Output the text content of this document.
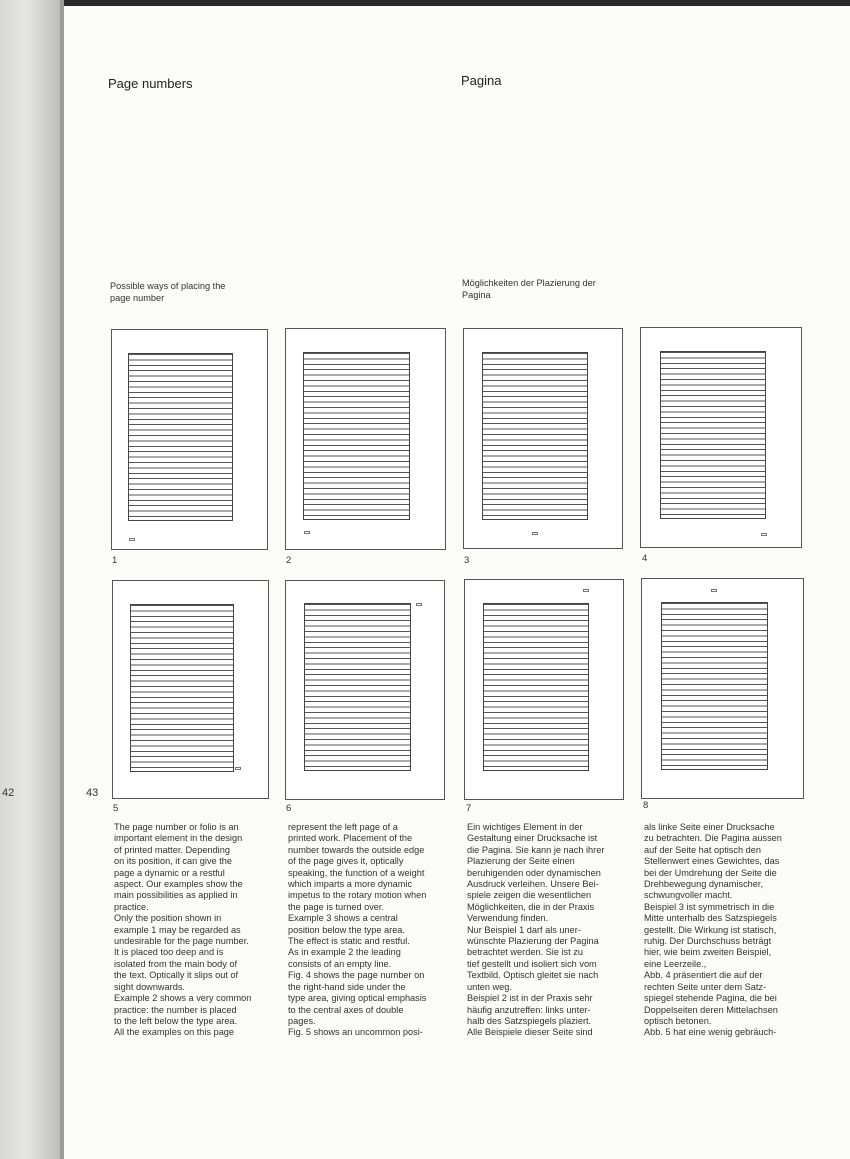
42	43
Page numbers	Pagina
Possible ways of placing the
page number
Möglichkeiten der Plazierung der
Pagina
1	2	3	4
5	6	7	8

The page number or folio is an

important element in the design

of printed matter. Depending

on its position, it can give the

page a dynamic or a restful

aspect. Our examples show the

main possibilities as applied in

practice.

Only the position shown in

example 1 may be regarded as

undesirable for the page number.

It is placed too deep and is

isolated from the main body of

the text. Optically it slips out of

sight downwards.

Example 2 shows a very common

practice: the number is placed

to the left below the type area.

All the examples on this page

represent the left page of a

printed work. Placement of the

number towards the outside edge

of the page gives it, optically

speaking, the function of a weight

which imparts a more dynamic

impetus to the rotary motion when

the page is turned over.

Example 3 shows a central

position below the type area.

The effect is static and restful.

As in example 2 the leading

consists of an empty line.

Fig. 4 shows the page number on

the right-hand side under the

type area, giving optical emphasis

to the central axes of double

pages.

Fig. 5 shows an uncommon posi-

Ein wichtiges Element in der

Gestaltung einer Drucksache ist

die Pagina. Sie kann je nach ihrer

Plazierung der Seite einen

beruhigenden oder dynamischen

Ausdruck verleihen. Unsere Bei-

spiele zeigen die wesentlichen

Möglichkeiten, die in der Praxis

Verwendung finden.

Nur Beispiel 1 darf als uner-

wünschte Plazierung der Pagina

betrachtet werden. Sie ist zu

tief gestellt und isoliert sich vom

Textbild. Optisch gleitet sie nach

unten weg.

Beispiel 2 ist in der Praxis sehr

häufig anzutreffen: links unter-

halb des Satzspiegels plaziert.

Alle Beispiele dieser Seite sind

als linke Seite einer Drucksache

zu betrachten. Die Pagina aussen

auf der Seite hat optisch den

Stellenwert eines Gewichtes, das

bei der Umdrehung der Seite die

Drehbewegung dynamischer,

schwungvoller macht.

Beispiel 3 ist symmetrisch in die

Mitte unterhalb des Satzspiegels

gestellt. Die Wirkung ist statisch,

ruhig. Der Durchschuss beträgt

hier, wie beim zweiten Beispiel,

eine Leerzeile.,

Abb. 4 präsentiert die auf der

rechten Seite unter dem Satz-

spiegel stehende Pagina, die bei

Doppelseiten deren Mittelachsen

optisch betonen.

Abb. 5 hat eine wenig gebräuch-
